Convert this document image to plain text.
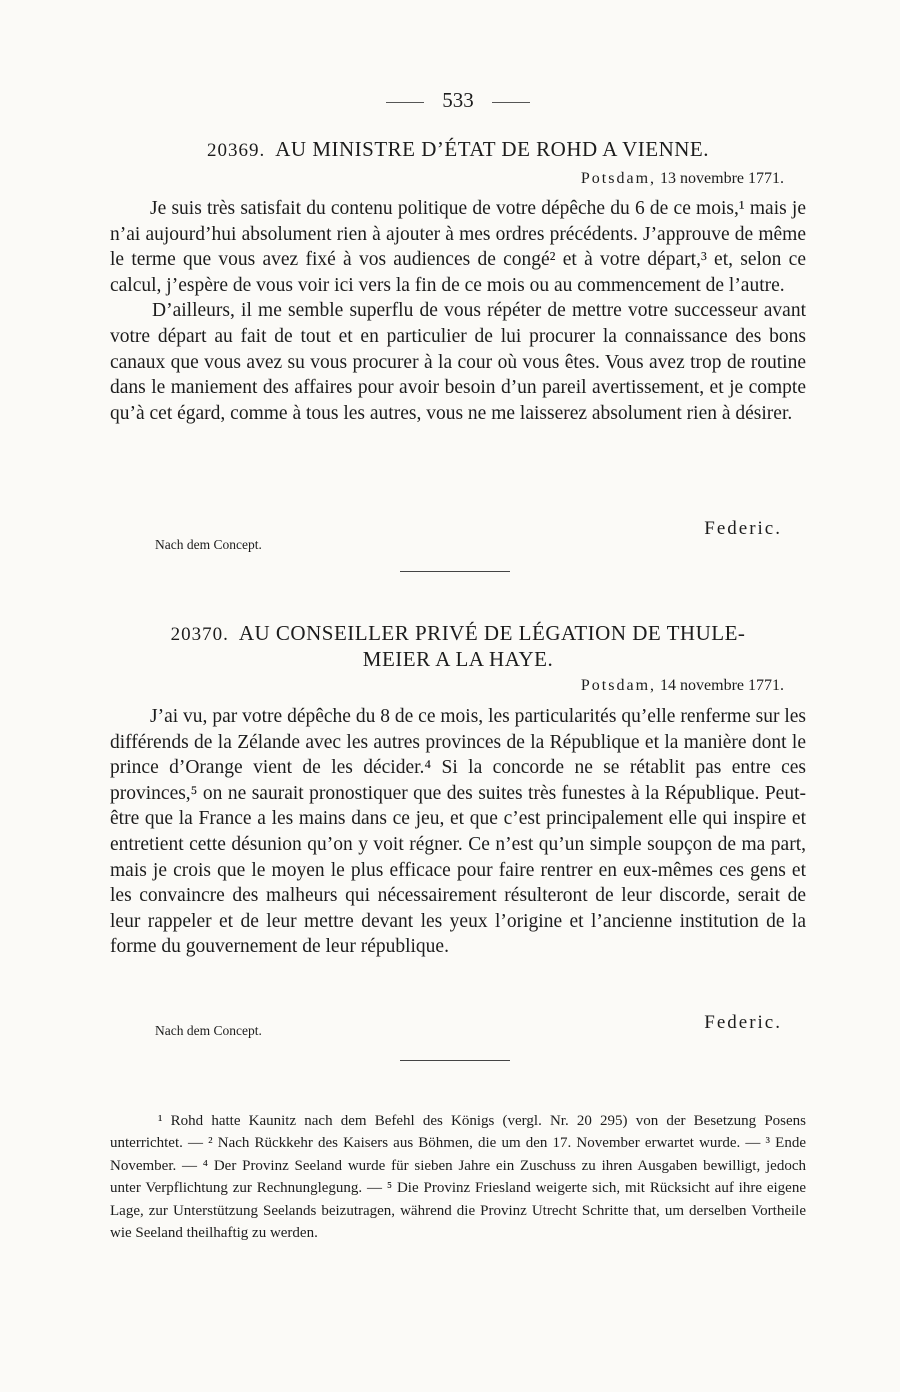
533
20369. AU MINISTRE D’ÉTAT DE ROHD A VIENNE.
Potsdam, 13 novembre 1771.

Je suis très satisfait du contenu politique de votre dépêche du 6 de ce mois,¹ mais je n’ai aujourd’hui absolument rien à ajouter à mes ordres précédents. J’approuve de même le terme que vous avez fixé à vos audiences de congé² et à votre départ,³ et, selon ce calcul, j’espère de vous voir ici vers la fin de ce mois ou au commencement de l’autre.

D’ailleurs, il me semble superflu de vous répéter de mettre votre successeur avant votre départ au fait de tout et en particulier de lui procurer la connaissance des bons canaux que vous avez su vous procurer à la cour où vous êtes. Vous avez trop de routine dans le maniement des affaires pour avoir besoin d’un pareil avertissement, et je compte qu’à cet égard, comme à tous les autres, vous ne me laisserez absolument rien à désirer.

Federic.
Nach dem Concept.
20370. AU CONSEILLER PRIVÉ DE LÉGATION DE THULE-
MEIER A LA HAYE.
Potsdam, 14 novembre 1771.

J’ai vu, par votre dépêche du 8 de ce mois, les particularités qu’elle renferme sur les différends de la Zélande avec les autres provinces de la République et la manière dont le prince d’Orange vient de les décider.⁴ Si la concorde ne se rétablit pas entre ces provinces,⁵ on ne saurait pronostiquer que des suites très funestes à la République. Peut-être que la France a les mains dans ce jeu, et que c’est principalement elle qui inspire et entretient cette désunion qu’on y voit régner. Ce n’est qu’un simple soupçon de ma part, mais je crois que le moyen le plus efficace pour faire rentrer en eux-mêmes ces gens et les convaincre des malheurs qui nécessairement résulteront de leur discorde, serait de leur rappeler et de leur mettre devant les yeux l’origine et l’ancienne institution de la forme du gouvernement de leur république.

Federic.
Nach dem Concept.

¹ Rohd hatte Kaunitz nach dem Befehl des Königs (vergl. Nr. 20 295) von der Besetzung Posens unterrichtet. — ² Nach Rückkehr des Kaisers aus Böhmen, die um den 17. November erwartet wurde. — ³ Ende November. — ⁴ Der Provinz Seeland wurde für sieben Jahre ein Zuschuss zu ihren Ausgaben bewilligt, jedoch unter Verpflichtung zur Rechnunglegung. — ⁵ Die Provinz Friesland weigerte sich, mit Rücksicht auf ihre eigene Lage, zur Unterstützung Seelands beizutragen, während die Provinz Utrecht Schritte that, um derselben Vortheile wie Seeland theilhaftig zu werden.
